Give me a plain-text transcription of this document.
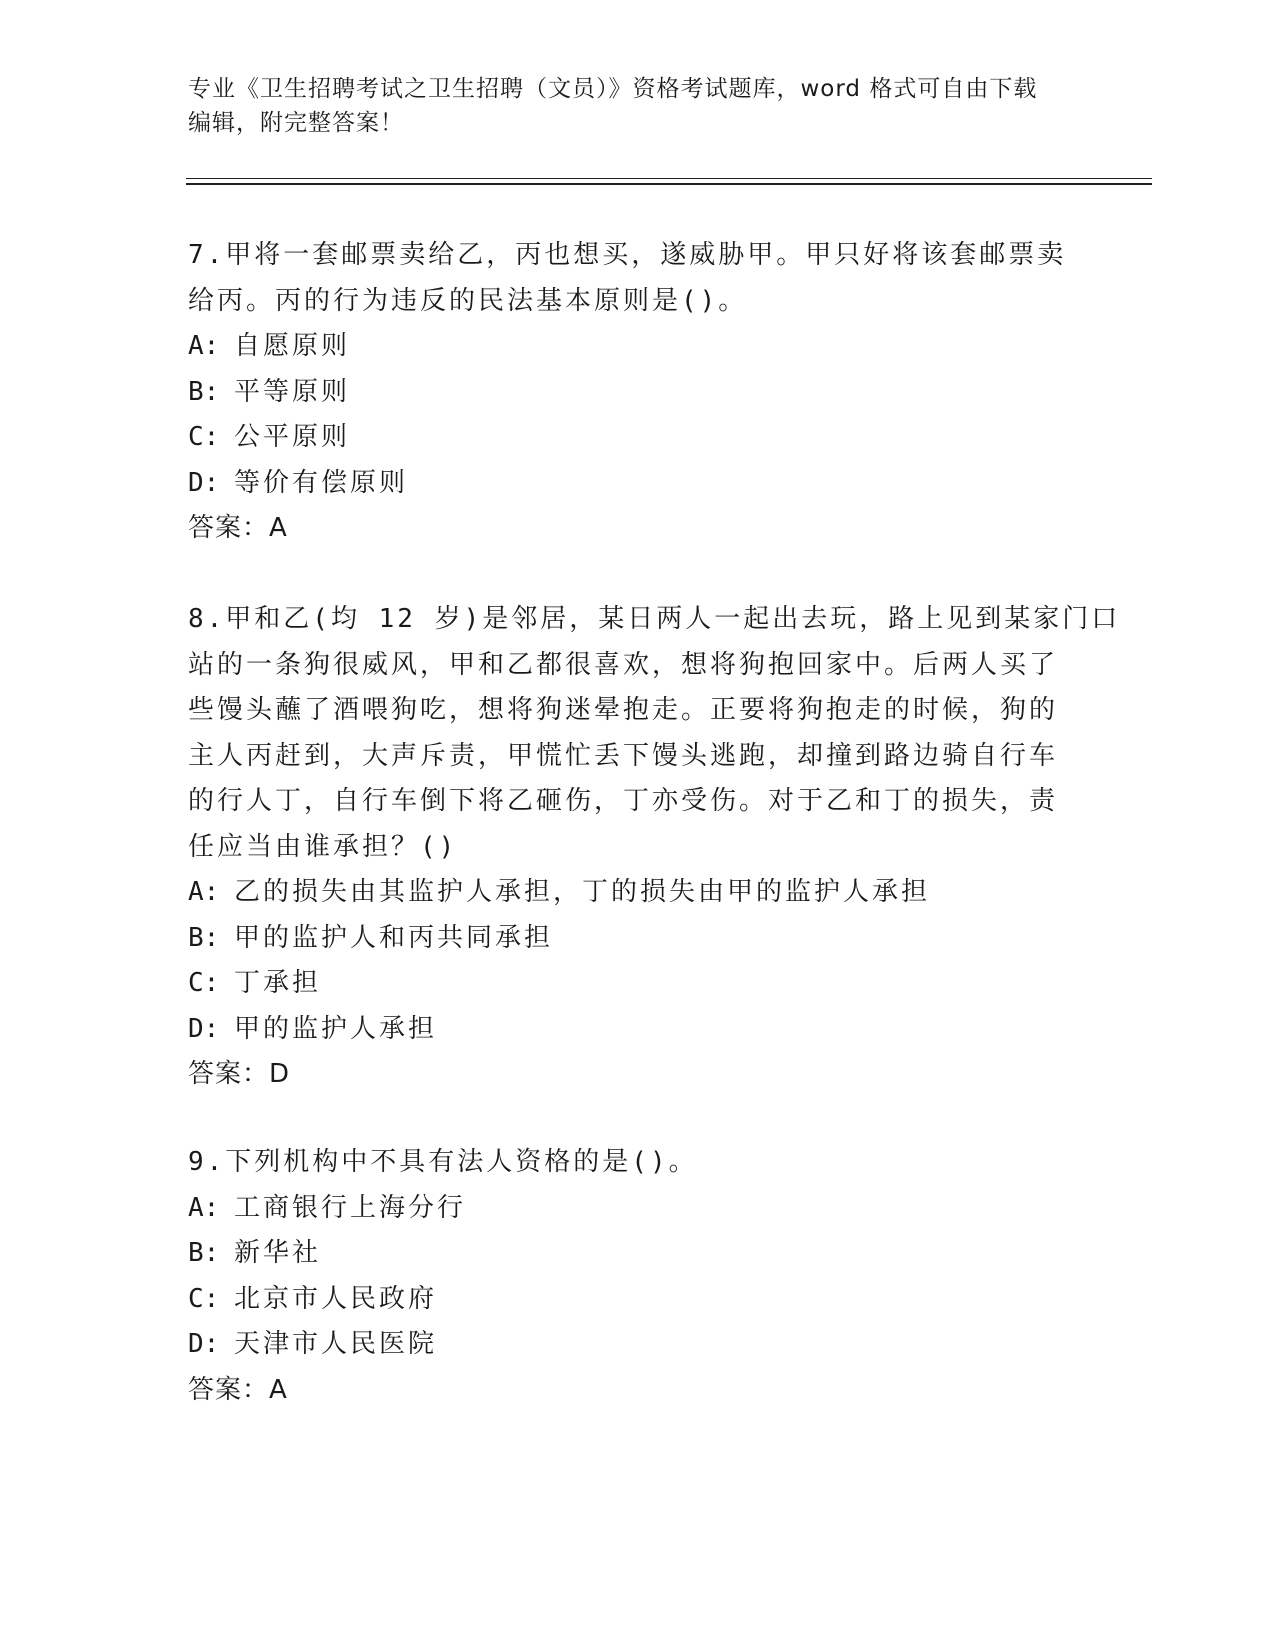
专业《卫生招聘考试之卫生招聘（文员）》资格考试题库，word 格式可自由下载
编辑，附完整答案！
7.甲将一套邮票卖给乙，丙也想买，遂威胁甲。甲只好将该套邮票卖
给丙。丙的行为违反的民法基本原则是()。
A: 自愿原则
B: 平等原则
C: 公平原则
D: 等价有偿原则
答案：A
8.甲和乙(均 12 岁)是邻居，某日两人一起出去玩，路上见到某家门口
站的一条狗很威风，甲和乙都很喜欢，想将狗抱回家中。后两人买了
些馒头蘸了酒喂狗吃，想将狗迷晕抱走。正要将狗抱走的时候，狗的
主人丙赶到，大声斥责，甲慌忙丢下馒头逃跑，却撞到路边骑自行车
的行人丁，自行车倒下将乙砸伤，丁亦受伤。对于乙和丁的损失，责
任应当由谁承担？()
A: 乙的损失由其监护人承担，丁的损失由甲的监护人承担
B: 甲的监护人和丙共同承担
C: 丁承担
D: 甲的监护人承担
答案：D
9.下列机构中不具有法人资格的是()。
A: 工商银行上海分行
B: 新华社
C: 北京市人民政府
D: 天津市人民医院
答案：A
